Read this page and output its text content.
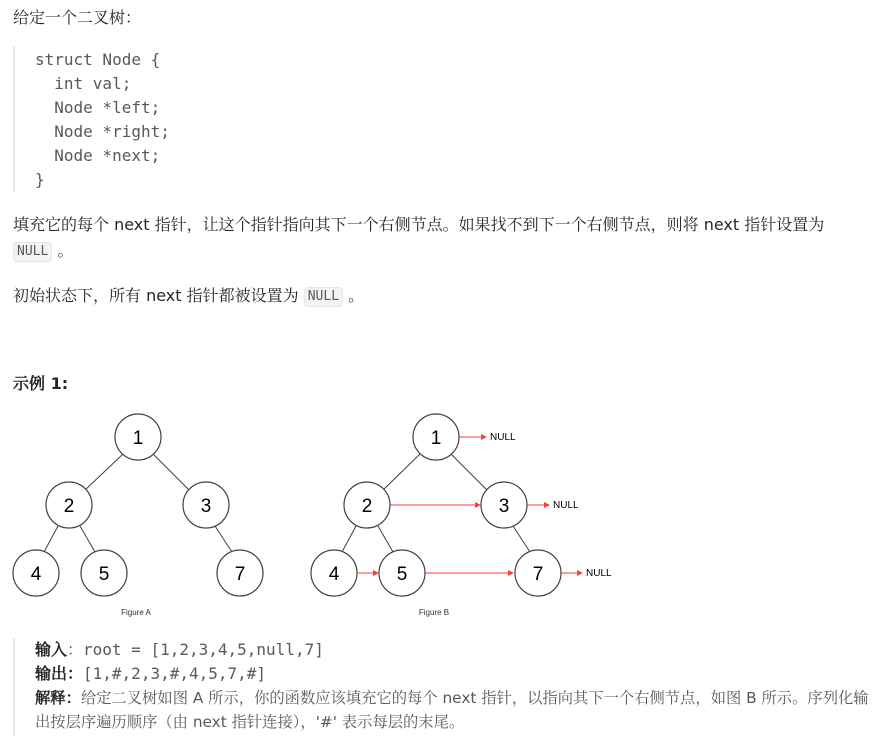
给定一个二叉树：
struct Node {
int val;
Node *left;
Node *right;
Node *next;
}
填充它的每个 next 指针，让这个指针指向其下一个右侧节点。如果找不到下一个右侧节点，则将 next 指针设置为
NULL 。
初始状态下，所有 next 指针都被设置为 NULL 。
示例 1:
1
2	3
4	5	7
Figure A
NULL
NULL
NULL
1
2	3
4	5	7
Figure B
输入：root = [1,2,3,4,5,null,7]
输出：[1,#,2,3,#,4,5,7,#]
解释：给定二叉树如图 A 所示，你的函数应该填充它的每个 next 指针，以指向其下一个右侧节点，如图 B 所示。序列化输出按层序遍历顺序（由 next 指针连接），'#' 表示每层的末尾。
